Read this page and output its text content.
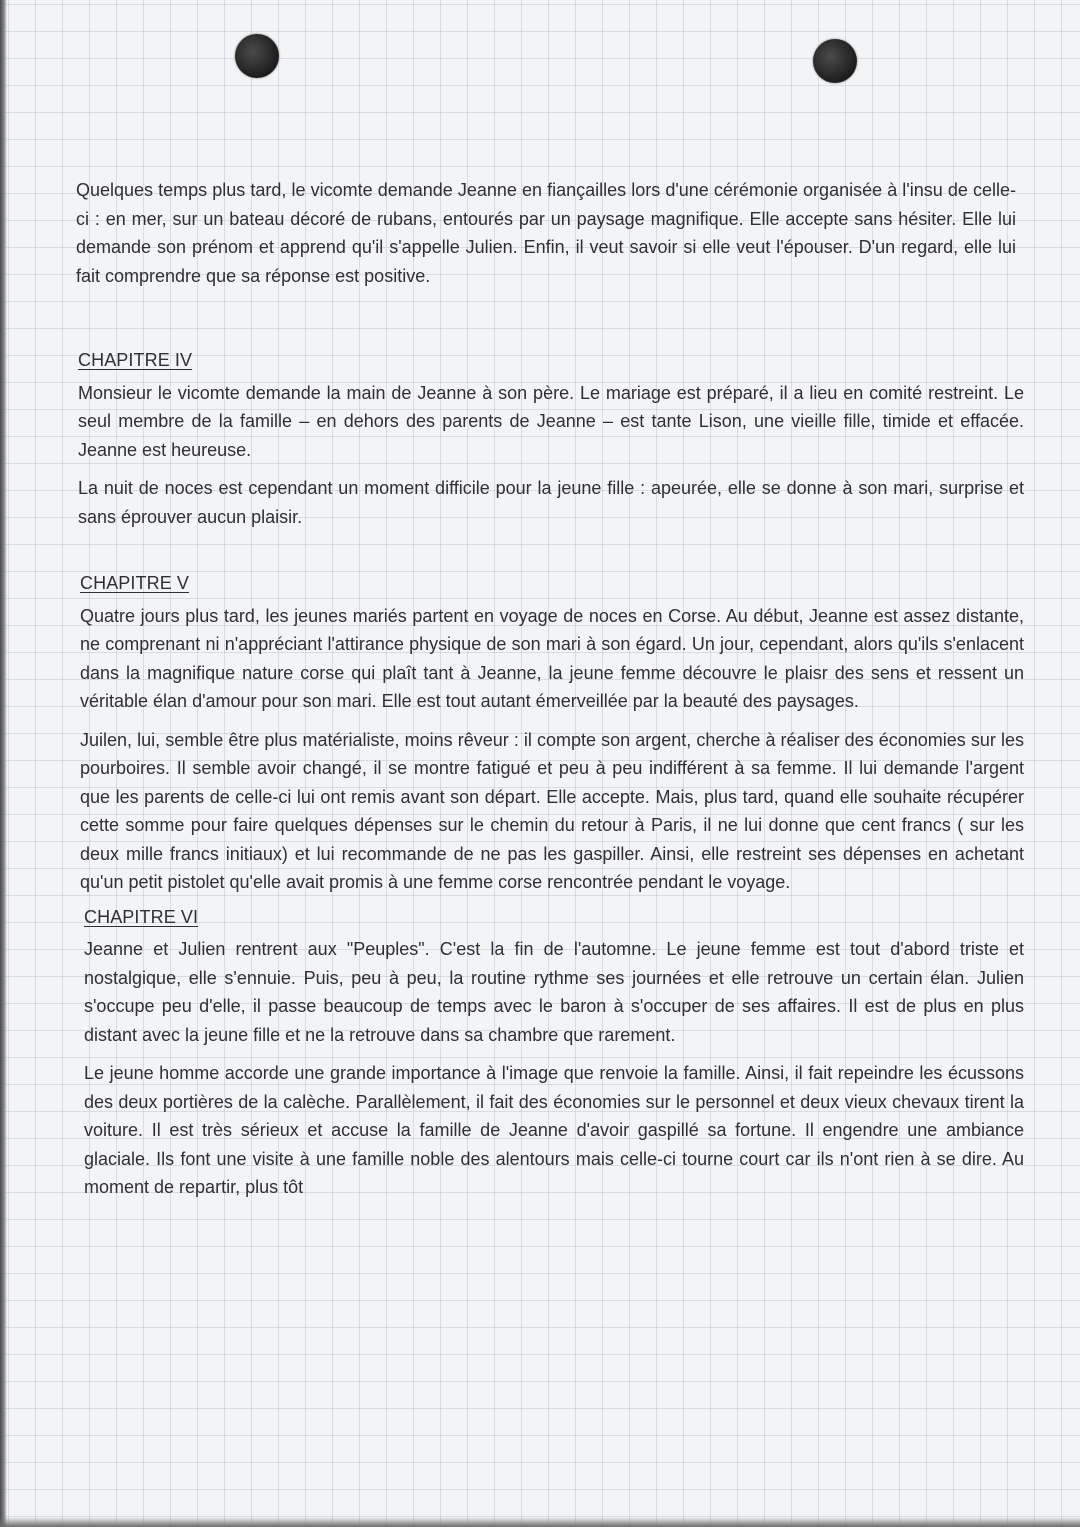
Quelques temps plus tard, le vicomte demande Jeanne en fiançailles lors d'une cérémonie organisée à l'insu de celle-ci : en mer, sur un bateau décoré de rubans, entourés par un paysage magnifique. Elle accepte sans hésiter. Elle lui demande son prénom et apprend qu'il s'appelle Julien. Enfin, il veut savoir si elle veut l'épouser. D'un regard, elle lui fait comprendre que sa réponse est positive.

CHAPITRE IV

Monsieur le vicomte demande la main de Jeanne à son père. Le mariage est préparé, il a lieu en comité restreint. Le seul membre de la famille – en dehors des parents de Jeanne – est tante Lison, une vieille fille, timide et effacée. Jeanne est heureuse.

La nuit de noces est cependant un moment difficile pour la jeune fille : apeurée, elle se donne à son mari, surprise et sans éprouver aucun plaisir.

CHAPITRE V

Quatre jours plus tard, les jeunes mariés partent en voyage de noces en Corse. Au début, Jeanne est assez distante, ne comprenant ni n'appréciant l'attirance physique de son mari à son égard. Un jour, cependant, alors qu'ils s'enlacent dans la magnifique nature corse qui plaît tant à Jeanne, la jeune femme découvre le plaisr des sens et ressent un véritable élan d'amour pour son mari. Elle est tout autant émerveillée par la beauté des paysages.

Juilen, lui, semble être plus matérialiste, moins rêveur : il compte son argent, cherche à réaliser des économies sur les pourboires. Il semble avoir changé, il se montre fatigué et peu à peu indifférent à sa femme. Il lui demande l'argent que les parents de celle-ci lui ont remis avant son départ. Elle accepte. Mais, plus tard, quand elle souhaite récupérer cette somme pour faire quelques dépenses sur le chemin du retour à Paris, il ne lui donne que cent francs ( sur les deux mille francs initiaux) et lui recommande de ne pas les gaspiller. Ainsi, elle restreint ses dépenses en achetant qu'un petit pistolet qu'elle avait promis à une femme corse rencontrée pendant le voyage.

CHAPITRE VI

Jeanne et Julien rentrent aux "Peuples". C'est la fin de l'automne. Le jeune femme est tout d'abord triste et nostalgique, elle s'ennuie. Puis, peu à peu, la routine rythme ses journées et elle retrouve un certain élan. Julien s'occupe peu d'elle, il passe beaucoup de temps avec le baron à s'occuper de ses affaires. Il est de plus en plus distant avec la jeune fille et ne la retrouve dans sa chambre que rarement.

Le jeune homme accorde une grande importance à l'image que renvoie la famille. Ainsi, il fait repeindre les écussons des deux portières de la calèche. Parallèlement, il fait des économies sur le personnel et deux vieux chevaux tirent la voiture. Il est très sérieux et accuse la famille de Jeanne d'avoir gaspillé sa fortune. Il engendre une ambiance glaciale. Ils font une visite à une famille noble des alentours mais celle-ci tourne court car ils n'ont rien à se dire. Au moment de repartir, plus tôt
